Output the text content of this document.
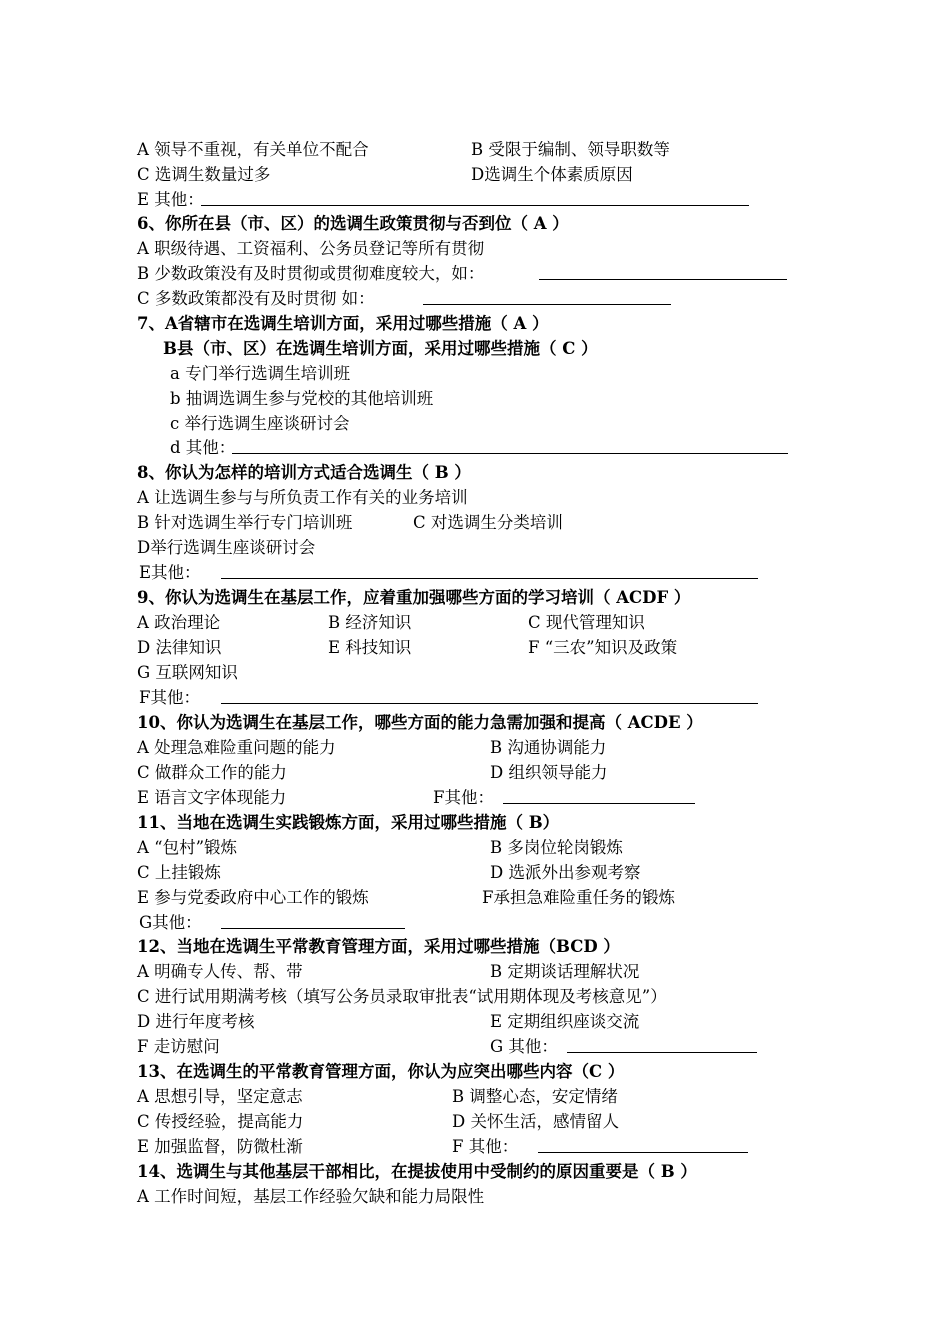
A 领导不重视，有关单位不配合	B 受限于编制、领导职数等
C 选调生数量过多	D选调生个体素质原因
E 其他：
6、你所在县（市、区）的选调生政策贯彻与否到位（ A ）
A 职级待遇、工资福利、公务员登记等所有贯彻
B 少数政策没有及时贯彻或贯彻难度较大，如：
C 多数政策都没有及时贯彻 如：
7、A省辖市在选调生培训方面，采用过哪些措施（ A ）
B县（市、区）在选调生培训方面，采用过哪些措施（ C ）
a 专门举行选调生培训班
b 抽调选调生参与党校的其他培训班
c 举行选调生座谈研讨会
d 其他：
8、你认为怎样的培训方式适合选调生（ B ）
A 让选调生参与与所负责工作有关的业务培训
B 针对选调生举行专门培训班	C 对选调生分类培训
D举行选调生座谈研讨会
E其他：
9、你认为选调生在基层工作，应着重加强哪些方面的学习培训（ ACDF ）
A 政治理论	B 经济知识	C 现代管理知识
D 法律知识	E 科技知识	F “三农”知识及政策
G 互联网知识
F其他：
10、你认为选调生在基层工作，哪些方面的能力急需加强和提高（ ACDE ）
A 处理急难险重问题的能力	B 沟通协调能力
C 做群众工作的能力	D 组织领导能力
E 语言文字体现能力	F其他：
11、当地在选调生实践锻炼方面，采用过哪些措施（ B）
A “包村”锻炼	B 多岗位轮岗锻炼
C 上挂锻炼	D 选派外出参观考察
E 参与党委政府中心工作的锻炼	F承担急难险重任务的锻炼
G其他：
12、当地在选调生平常教育管理方面，采用过哪些措施（BCD ）
A 明确专人传、帮、带	B 定期谈话理解状况
C 进行试用期满考核（填写公务员录取审批表“试用期体现及考核意见”）
D 进行年度考核	E 定期组织座谈交流
F 走访慰问	G 其他：
13、在选调生的平常教育管理方面，你认为应突出哪些内容（C ）
A 思想引导，坚定意志	B 调整心态，安定情绪
C 传授经验，提高能力	D 关怀生活，感情留人
E 加强监督，防微杜渐	F 其他：
14、选调生与其他基层干部相比，在提拔使用中受制约的原因重要是（ B ）
A 工作时间短，基层工作经验欠缺和能力局限性
